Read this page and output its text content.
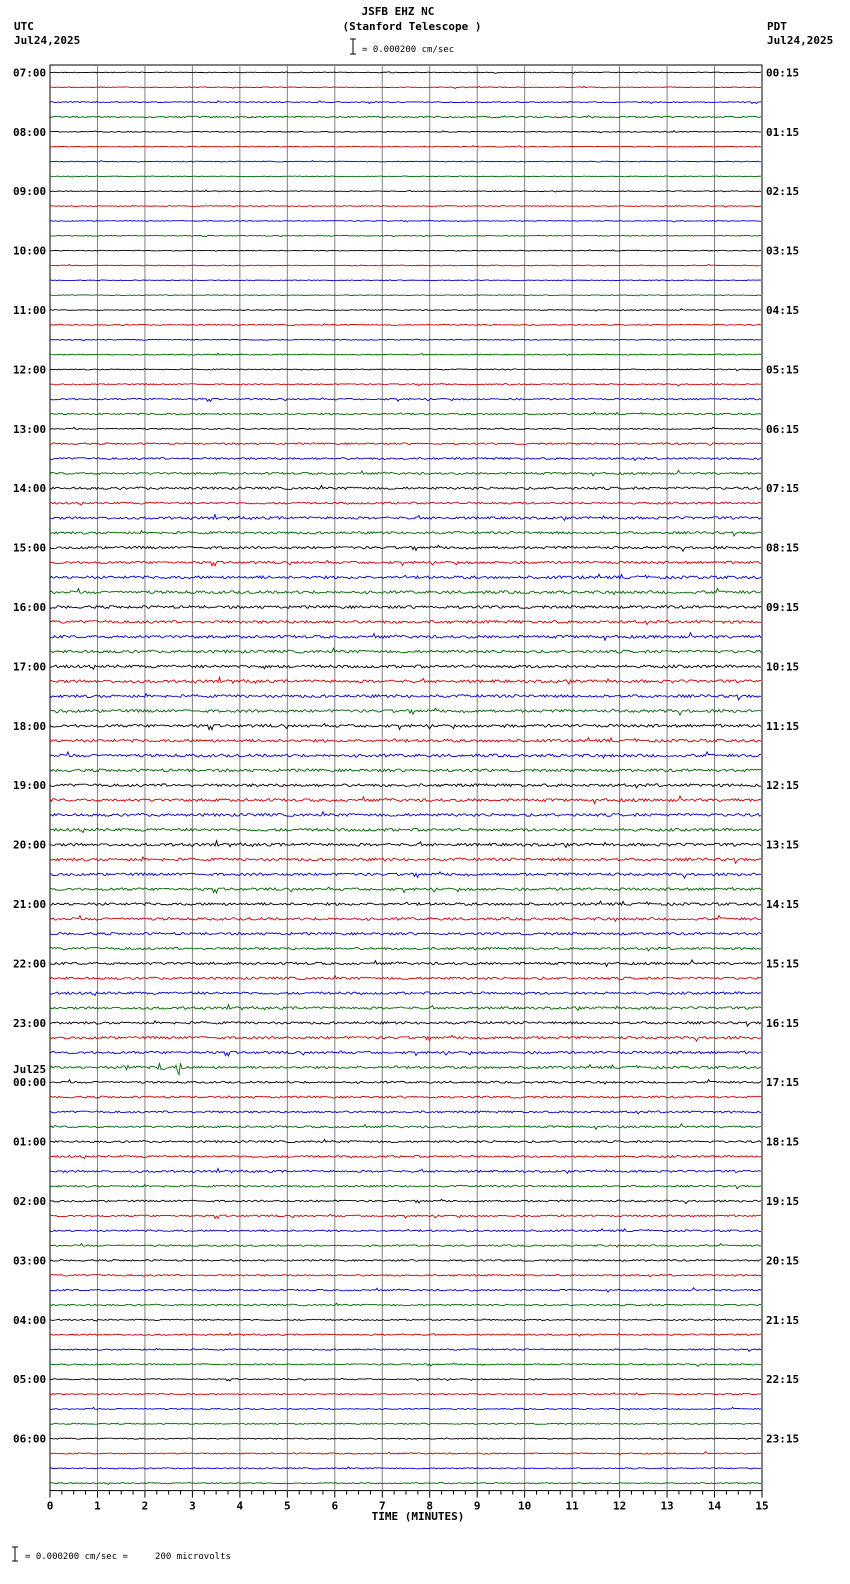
JSFB EHZ NC
(Stanford Telescope )
= 0.000200 cm/sec
UTC
Jul24,2025
PDT
Jul24,2025
07:00
08:00
09:00
10:00
11:00
12:00
13:00
14:00
15:00
16:00
17:00
18:00
19:00
20:00
21:00
22:00
23:00
00:00
Jul25
01:00
02:00
03:00
04:00
05:00
06:00
00:15
01:15
02:15
03:15
04:15
05:15
06:15
07:15
08:15
09:15
10:15
11:15
12:15
13:15
14:15
15:15
16:15
17:15
18:15
19:15
20:15
21:15
22:15
23:15
0	1	2	3	4	5	6	7	8	9	10	11	12	13	14	15
TIME (MINUTES)
= 0.000200 cm/sec =     200 microvolts
